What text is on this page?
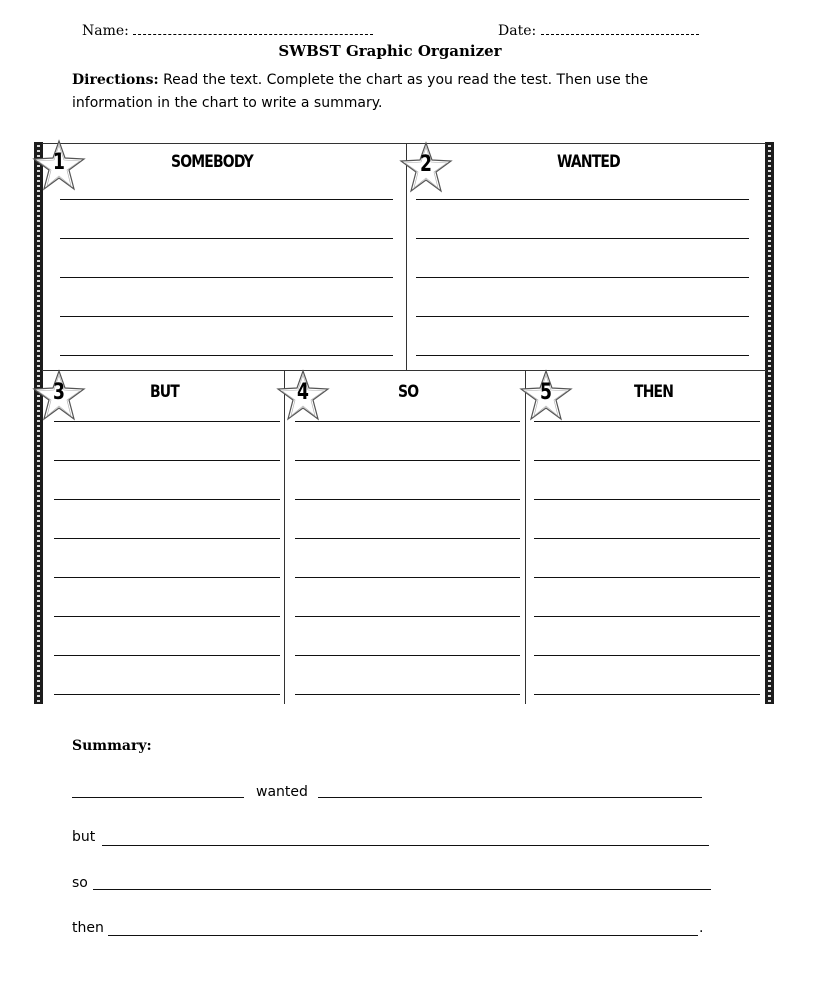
Name:	Date:
SWBST Graphic Organizer
Directions: Read the text. Complete the chart as you read the test. Then use the information in the chart to write a summary.
1	SOMEBODY	2	WANTED
3	BUT	4	SO	5	THEN
Summary:
wanted
but
so
then	.
